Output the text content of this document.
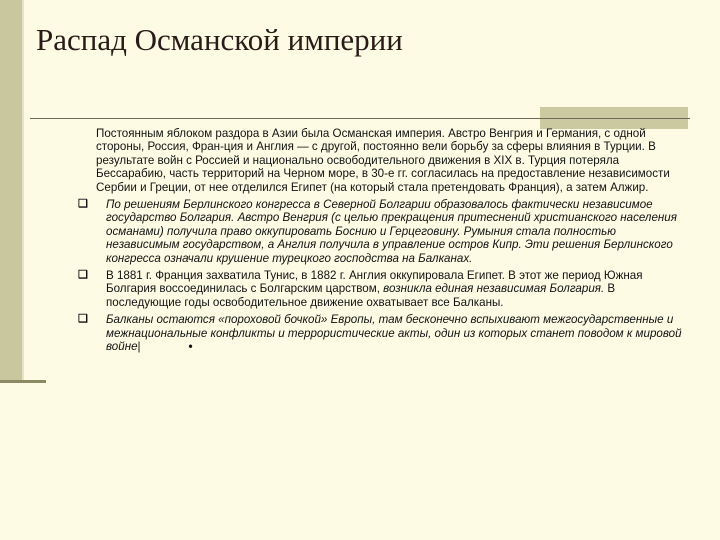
Распад Османской империи

Постоянным яблоком раздора в Азии была Османская империя. Австро Венгрия и Германия, с одной стороны, Россия, Фран-ция и Англия — с другой, постоянно вели борьбу за сферы влияния в Турции. В результате войн с Россией и национально освободительного движения в XIX в. Турция потеряла Бессарабию, часть территорий на Черном море, в 30-е гг. согласилась на предоставление независимости Сербии и Греции, от нее отделился Египет (на который стала претендовать Франция), а затем Алжир.

❑ По решениям Берлинского конгресса в Северной Болгарии образовалось фактически независимое государство Болгария. Австро Венгрия (с целью прекращения притеснений христианского населения османами) получила право оккупировать Боснию и Герцеговину. Румыния стала полностью независимым государством, а Англия получила в управление остров Кипр. Эти решения Берлинского конгресса означали крушение турецкого господства на Балканах.
❑ В 1881 г. Франция захватила Тунис, в 1882 г. Англия оккупировала Египет. В этот же период Южная Болгария воссоединилась с Болгарским царством, возникла единая независимая Болгария. В последующие годы освободительное движение охватывает все Балканы.
❑ Балканы остаются «пороховой бочкой» Европы, там бесконечно вспыхивают межгосударственные и межнациональные конфликты и террористические акты, один из которых станет поводом к мировой войне|	•
